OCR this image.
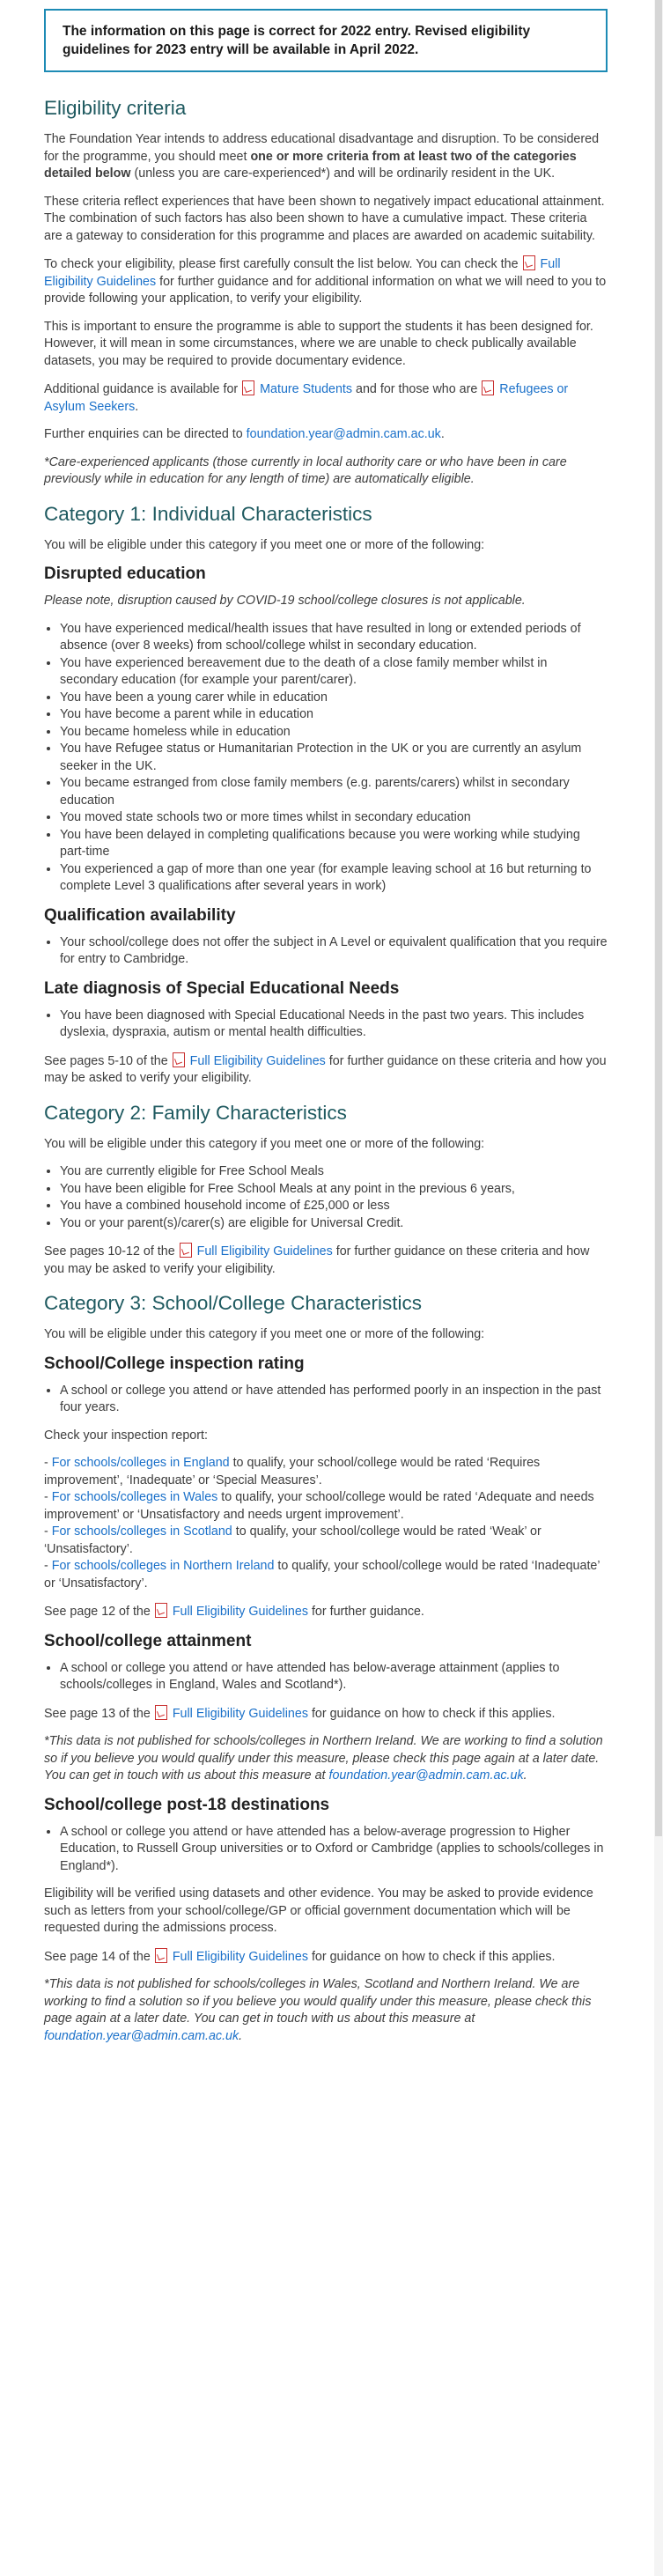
The information on this page is correct for 2022 entry. Revised eligibility guidelines for 2023 entry will be available in April 2022.
Eligibility criteria

The Foundation Year intends to address educational disadvantage and disruption. To be considered for the programme, you should meet one or more criteria from at least two of the categories detailed below (unless you are care-experienced*) and will be ordinarily resident in the UK.

These criteria reflect experiences that have been shown to negatively impact educational attainment. The combination of such factors has also been shown to have a cumulative impact. These criteria are a gateway to consideration for this programme and places are awarded on academic suitability.

To check your eligibility, please first carefully consult the list below. You can check the Full Eligibility Guidelines for further guidance and for additional information on what we will need to you to provide following your application, to verify your eligibility.

This is important to ensure the programme is able to support the students it has been designed for. However, it will mean in some circumstances, where we are unable to check publically available datasets, you may be required to provide documentary evidence.

Additional guidance is available for Mature Students and for those who are Refugees or Asylum Seekers.

Further enquiries can be directed to foundation.year@admin.cam.ac.uk.

*Care-experienced applicants (those currently in local authority care or who have been in care previously while in education for any length of time) are automatically eligible.

Category 1: Individual Characteristics

You will be eligible under this category if you meet one or more of the following:

Disrupted education

Please note, disruption caused by COVID-19 school/college closures is not applicable.

• You have experienced medical/health issues that have resulted in long or extended periods of absence (over 8 weeks) from school/college whilst in secondary education.
• You have experienced bereavement due to the death of a close family member whilst in secondary education (for example your parent/carer).
• You have been a young carer while in education
• You have become a parent while in education
• You became homeless while in education
• You have Refugee status or Humanitarian Protection in the UK or you are currently an asylum seeker in the UK.
• You became estranged from close family members (e.g. parents/carers) whilst in secondary education
• You moved state schools two or more times whilst in secondary education
• You have been delayed in completing qualifications because you were working while studying part-time
• You experienced a gap of more than one year (for example leaving school at 16 but returning to complete Level 3 qualifications after several years in work)
Qualification availability
• Your school/college does not offer the subject in A Level or equivalent qualification that you require for entry to Cambridge.
Late diagnosis of Special Educational Needs
• You have been diagnosed with Special Educational Needs in the past two years. This includes dyslexia, dyspraxia, autism or mental health difficulties.

See pages 5-10 of the Full Eligibility Guidelines for further guidance on these criteria and how you may be asked to verify your eligibility.

Category 2: Family Characteristics

You will be eligible under this category if you meet one or more of the following:

• You are currently eligible for Free School Meals
• You have been eligible for Free School Meals at any point in the previous 6 years,
• You have a combined household income of £25,000 or less
• You or your parent(s)/carer(s) are eligible for Universal Credit.

See pages 10-12 of the Full Eligibility Guidelines for further guidance on these criteria and how you may be asked to verify your eligibility.

Category 3: School/College Characteristics

You will be eligible under this category if you meet one or more of the following:

School/College inspection rating
• A school or college you attend or have attended has performed poorly in an inspection in the past four years.

Check your inspection report:

- For schools/colleges in England to qualify, your school/college would be rated ‘Requires improvement’, ‘Inadequate’ or ‘Special Measures’.

- For schools/colleges in Wales to qualify, your school/college would be rated ‘Adequate and needs improvement’ or ‘Unsatisfactory and needs urgent improvement’.

- For schools/colleges in Scotland to qualify, your school/college would be rated ‘Weak’ or ‘Unsatisfactory’.

- For schools/colleges in Northern Ireland to qualify, your school/college would be rated ‘Inadequate’ or ‘Unsatisfactory’.

See page 12 of the Full Eligibility Guidelines for further guidance.

School/college attainment
• A school or college you attend or have attended has below-average attainment (applies to schools/colleges in England, Wales and Scotland*).

See page 13 of the Full Eligibility Guidelines for guidance on how to check if this applies.

*This data is not published for schools/colleges in Northern Ireland. We are working to find a solution so if you believe you would qualify under this measure, please check this page again at a later date. You can get in touch with us about this measure at foundation.year@admin.cam.ac.uk.

School/college post-18 destinations
• A school or college you attend or have attended has a below-average progression to Higher Education, to Russell Group universities or to Oxford or Cambridge (applies to schools/colleges in England*).

Eligibility will be verified using datasets and other evidence. You may be asked to provide evidence such as letters from your school/college/GP or official government documentation which will be requested during the admissions process.

See page 14 of the Full Eligibility Guidelines for guidance on how to check if this applies.

*This data is not published for schools/colleges in Wales, Scotland and Northern Ireland. We are working to find a solution so if you believe you would qualify under this measure, please check this page again at a later date. You can get in touch with us about this measure at foundation.year@admin.cam.ac.uk.
